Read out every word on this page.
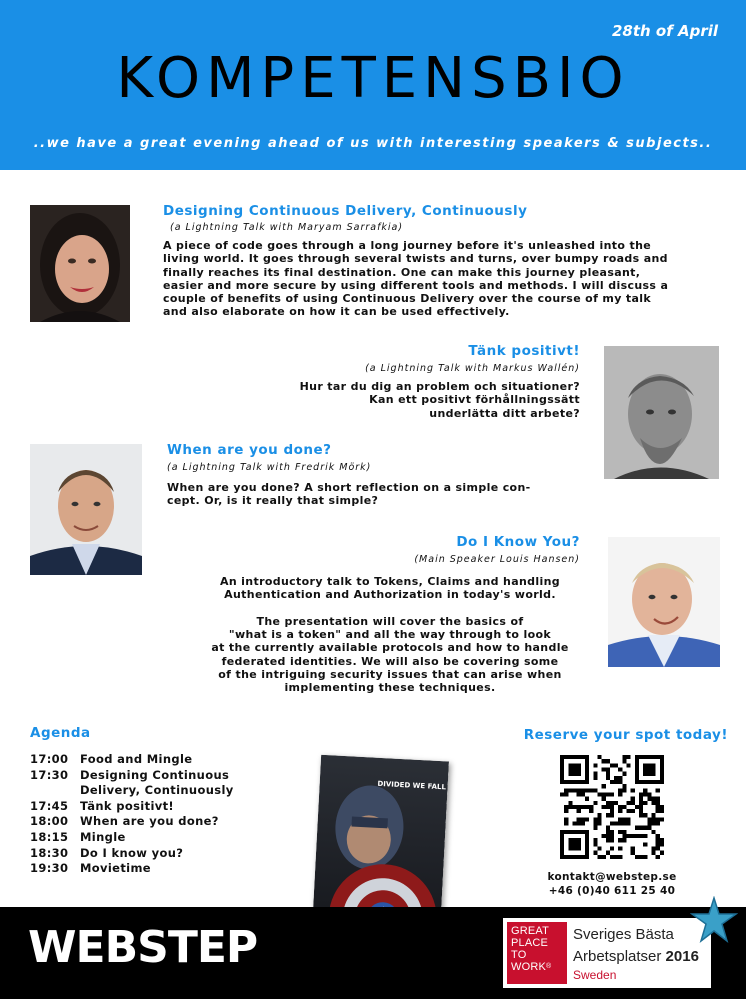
28th of April
KOMPETENSBIO
..we have a great evening ahead of us with interesting speakers & subjects..
Designing Continuous Delivery, Continuously
(a Lightning Talk with Maryam Sarrafkia)
A piece of code goes through a long journey before it's unleashed into the
living world. It goes through several twists and turns, over bumpy roads and
finally reaches its final destination. One can make this journey pleasant,
easier and more secure by using different tools and methods. I will discuss a
couple of benefits of using Continuous Delivery over the course of my talk
and also elaborate on how it can be used effectively.
Tänk positivt!
(a Lightning Talk with Markus Wallén)
Hur tar du dig an problem och situationer?
Kan ett positivt förhållningssätt
underlätta ditt arbete?
When are you done?
(a Lightning Talk with Fredrik Mörk)
When are you done? A short reflection on a simple con-
cept. Or, is it really that simple?
Do I Know You?
(Main Speaker Louis Hansen)
An introductory talk to Tokens, Claims and handling
Authentication and Authorization in today's world.
The presentation will cover the basics of
"what is a token" and all the way through to look
at the currently available protocols and how to handle
federated identities. We will also be covering some
of the intriguing security issues that can arise when
implementing these techniques.
Agenda
17:00	Food and Mingle
17:30	Designing Continuous Delivery, Continuously
17:45	Tänk positivt!
18:00	When are you done?
18:15	Mingle
18:30	Do I know you?
19:30	Movietime
DIVIDED WE FALL
Reserve your spot today!
kontakt@webstep.se
+46 (0)40 611 25 40
WEBSTEP	GREAT
PLACE
TO
WORK®
Sveriges Bästa
Arbetsplatser 2016
Sweden
